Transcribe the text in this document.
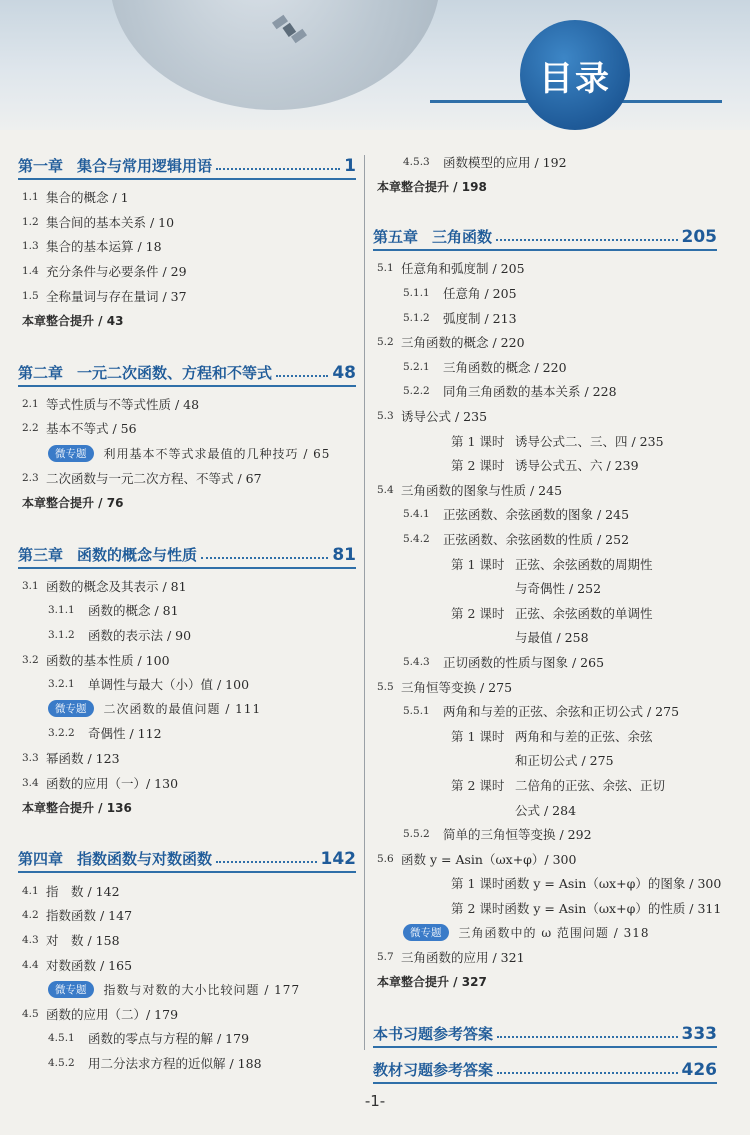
目录
第一章 集合与常用逻辑用语	1
1.1 集合的概念 / 1
1.2 集合间的基本关系 / 10
1.3 集合的基本运算 / 18
1.4 充分条件与必要条件 / 29
1.5 全称量词与存在量词 / 37
本章整合提升 / 43
第二章 一元二次函数、方程和不等式	48
2.1 等式性质与不等式性质 / 48
2.2 基本不等式 / 56
微专题	利用基本不等式求最值的几种技巧 / 65
2.3 二次函数与一元二次方程、不等式 / 67
本章整合提升 / 76
第三章 函数的概念与性质	81
3.1 函数的概念及其表示 / 81
3.1.1	函数的概念 / 81
3.1.2	函数的表示法 / 90
3.2 函数的基本性质 / 100
3.2.1	单调性与最大（小）值 / 100
微专题	二次函数的最值问题 / 111
3.2.2	奇偶性 / 112
3.3 幂函数 / 123
3.4 函数的应用（一）/ 130
本章整合提升 / 136
第四章 指数函数与对数函数	142
4.1 指　数 / 142
4.2 指数函数 / 147
4.3 对　数 / 158
4.4 对数函数 / 165
微专题	指数与对数的大小比较问题 / 177
4.5 函数的应用（二）/ 179
4.5.1	函数的零点与方程的解 / 179
4.5.2	用二分法求方程的近似解 / 188
4.5.3	函数模型的应用 / 192
本章整合提升 / 198
第五章 三角函数	205
5.1 任意角和弧度制 / 205
5.1.1	任意角 / 205
5.1.2	弧度制 / 213
5.2 三角函数的概念 / 220
5.2.1	三角函数的概念 / 220
5.2.2	同角三角函数的基本关系 / 228
5.3 诱导公式 / 235
第 1 课时 诱导公式二、三、四 / 235
第 2 课时 诱导公式五、六 / 239
5.4 三角函数的图象与性质 / 245
5.4.1	正弦函数、余弦函数的图象 / 245
5.4.2	正弦函数、余弦函数的性质 / 252
第 1 课时 正弦、余弦函数的周期性
与奇偶性 / 252
第 2 课时 正弦、余弦函数的单调性
与最值 / 258
5.4.3	正切函数的性质与图象 / 265
5.5 三角恒等变换 / 275
5.5.1	两角和与差的正弦、余弦和正切公式 / 275
第 1 课时 两角和与差的正弦、余弦
和正切公式 / 275
第 2 课时 二倍角的正弦、余弦、正切
公式 / 284
5.5.2	简单的三角恒等变换 / 292
5.6 函数 y = Asin（ωx+φ）/ 300
第 1 课时 函数 y = Asin（ωx+φ）的图象 / 300
第 2 课时 函数 y = Asin（ωx+φ）的性质 / 311
微专题	三角函数中的 ω 范围问题 / 318
5.7 三角函数的应用 / 321
本章整合提升 / 327
本书习题参考答案	333
教材习题参考答案	426
-1-
